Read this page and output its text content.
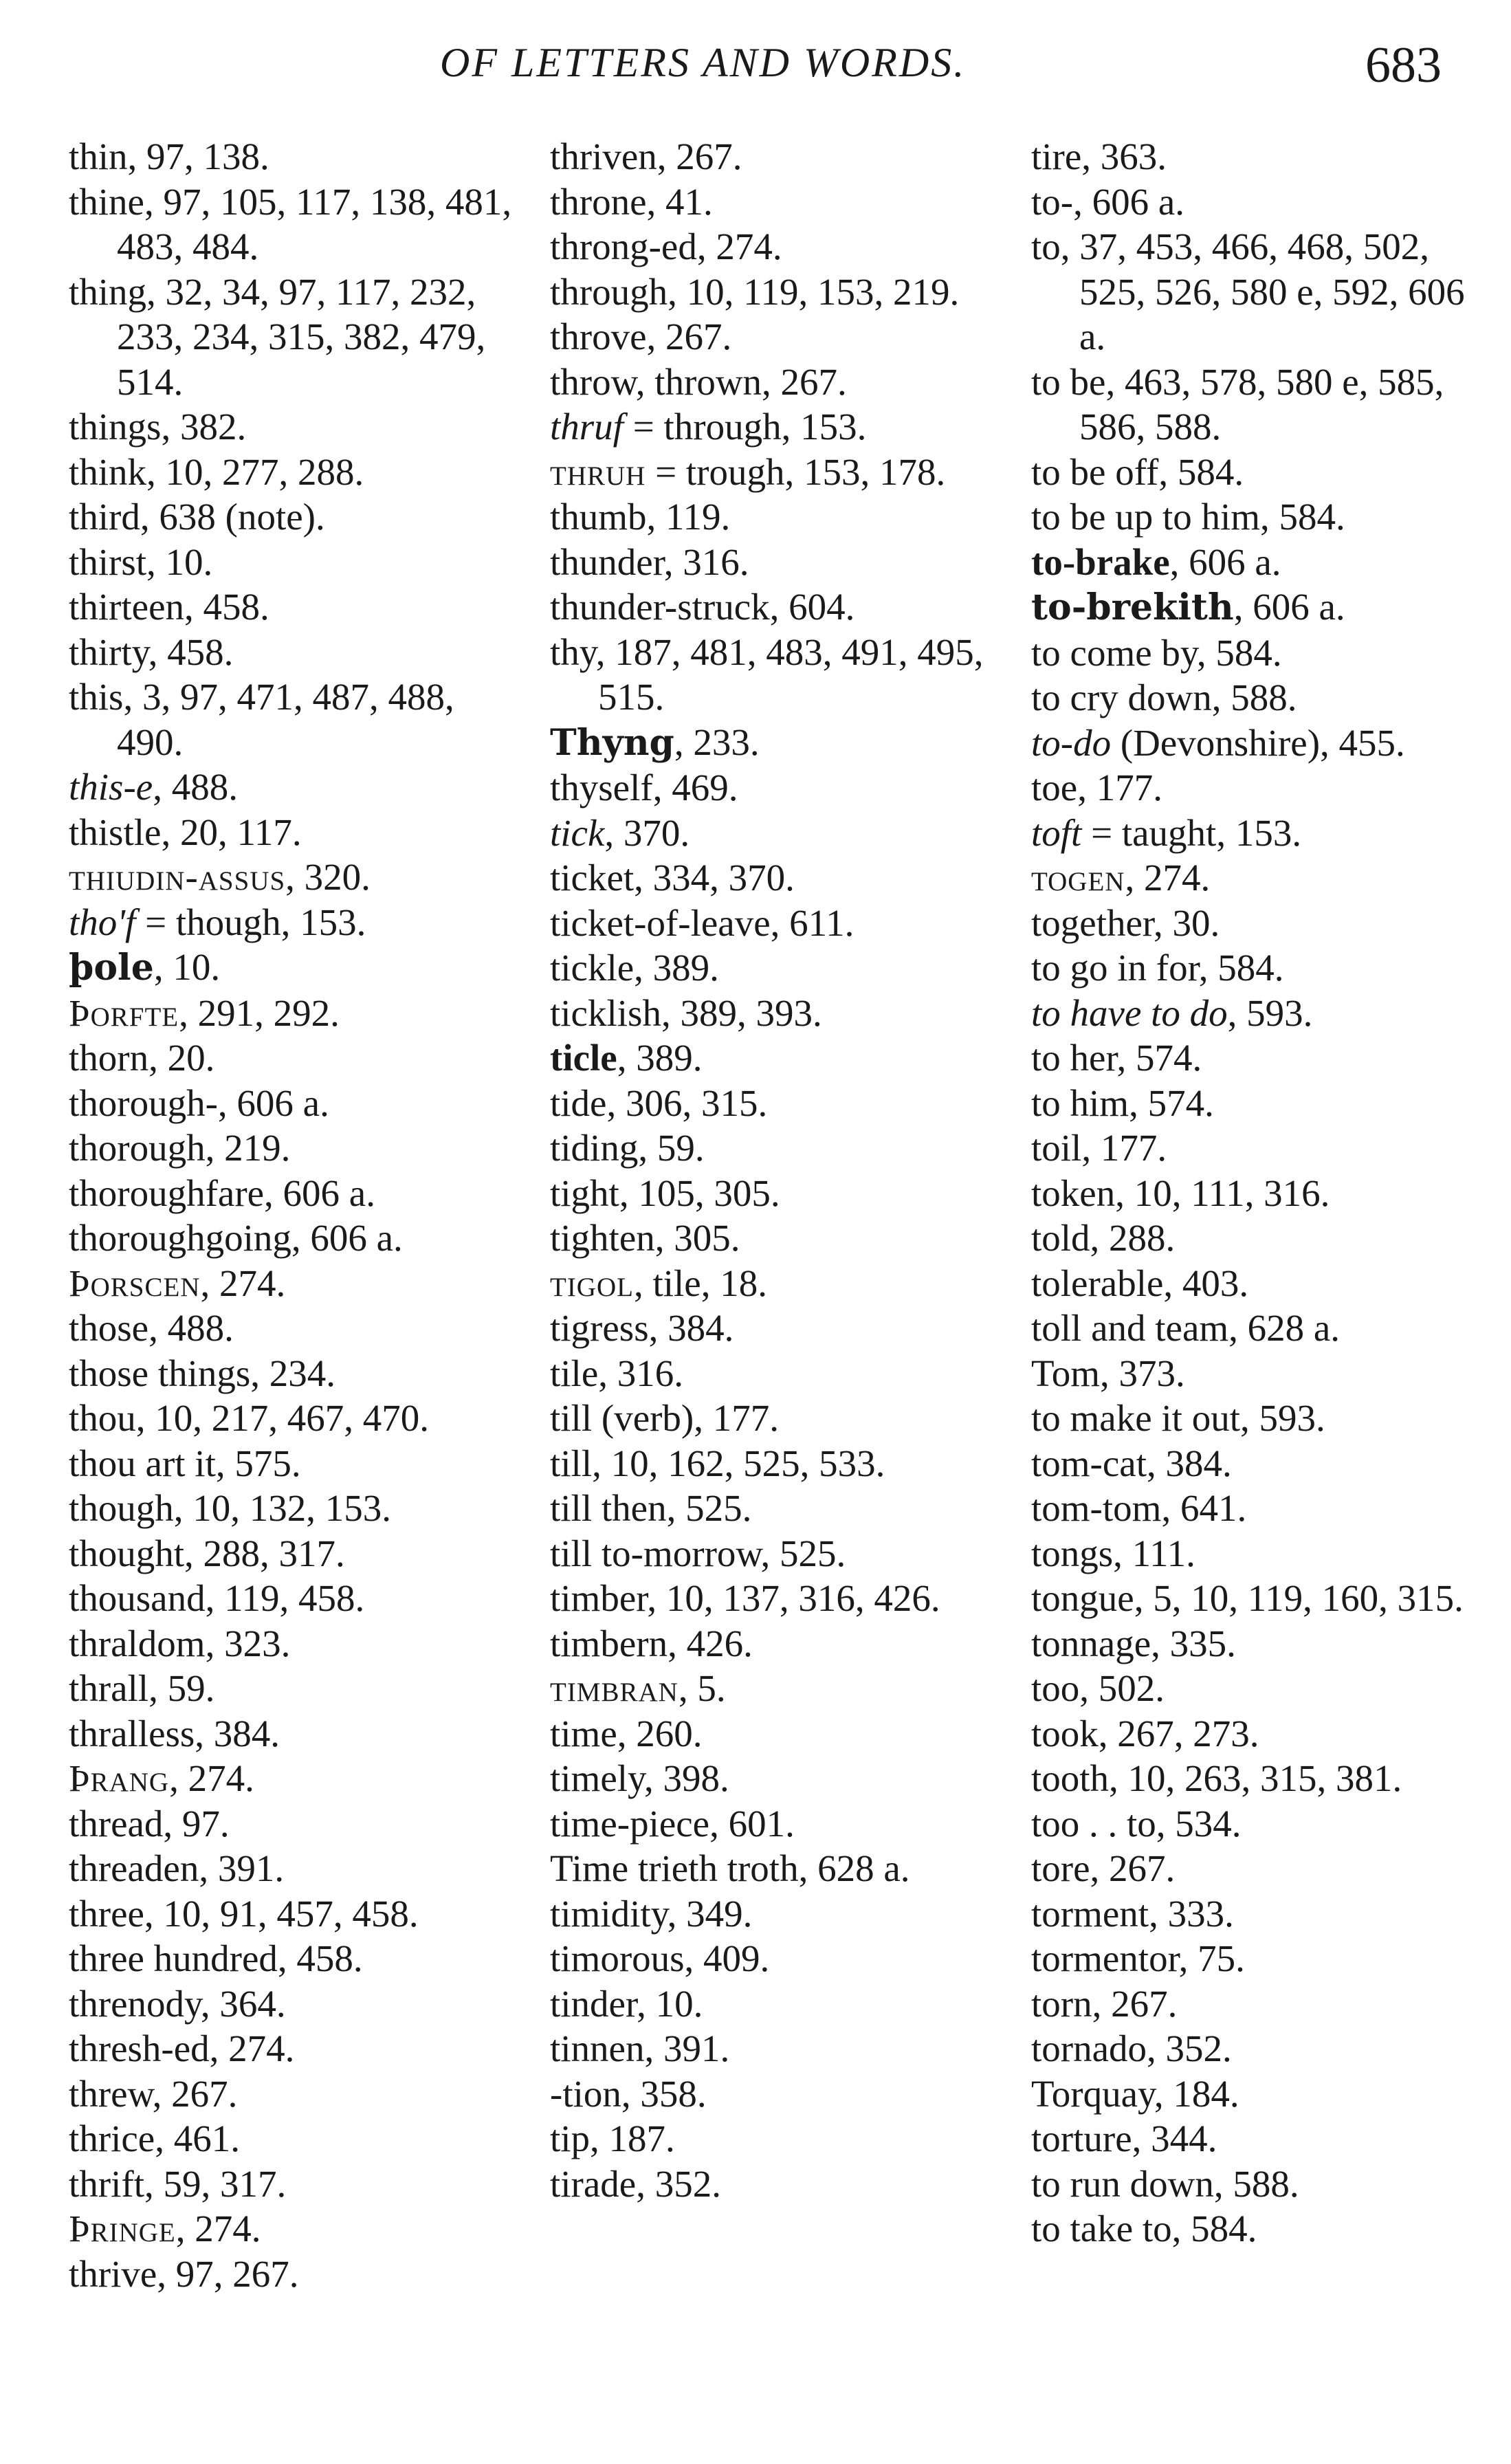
OF LETTERS AND WORDS.	683
thin, 97, 138.
thine, 97, 105, 117, 138, 481, 483, 484.
thing, 32, 34, 97, 117, 232, 233, 234, 315, 382, 479, 514.
things, 382.
think, 10, 277, 288.
third, 638 (note).
thirst, 10.
thirteen, 458.
thirty, 458.
this, 3, 97, 471, 487, 488, 490.
this-e, 488.
thistle, 20, 117.
thiudin-assus, 320.
tho'f = though, 153.
þole, 10.
Þorfte, 291, 292.
thorn, 20.
thorough-, 606 a.
thorough, 219.
thoroughfare, 606 a.
thoroughgoing, 606 a.
Þorscen, 274.
those, 488.
those things, 234.
thou, 10, 217, 467, 470.
thou art it, 575.
though, 10, 132, 153.
thought, 288, 317.
thousand, 119, 458.
thraldom, 323.
thrall, 59.
thralless, 384.
Þrang, 274.
thread, 97.
threaden, 391.
three, 10, 91, 457, 458.
three hundred, 458.
threnody, 364.
thresh-ed, 274.
threw, 267.
thrice, 461.
thrift, 59, 317.
Þringe, 274.
thrive, 97, 267.
thriven, 267.
throne, 41.
throng-ed, 274.
through, 10, 119, 153, 219.
throve, 267.
throw, thrown, 267.
thruf = through, 153.
thruh = trough, 153, 178.
thumb, 119.
thunder, 316.
thunder-struck, 604.
thy, 187, 481, 483, 491, 495, 515.
Thyng, 233.
thyself, 469.
tick, 370.
ticket, 334, 370.
ticket-of-leave, 611.
tickle, 389.
ticklish, 389, 393.
ticle, 389.
tide, 306, 315.
tiding, 59.
tight, 105, 305.
tighten, 305.
tigol, tile, 18.
tigress, 384.
tile, 316.
till (verb), 177.
till, 10, 162, 525, 533.
till then, 525.
till to-morrow, 525.
timber, 10, 137, 316, 426.
timbern, 426.
timbran, 5.
time, 260.
timely, 398.
time-piece, 601.
Time trieth troth, 628 a.
timidity, 349.
timorous, 409.
tinder, 10.
tinnen, 391.
-tion, 358.
tip, 187.
tirade, 352.
tire, 363.
to-, 606 a.
to, 37, 453, 466, 468, 502, 525, 526, 580 e, 592, 606 a.
to be, 463, 578, 580 e, 585, 586, 588.
to be off, 584.
to be up to him, 584.
to-brake, 606 a.
to-brekith, 606 a.
to come by, 584.
to cry down, 588.
to-do (Devonshire), 455.
toe, 177.
toft = taught, 153.
togen, 274.
together, 30.
to go in for, 584.
to have to do, 593.
to her, 574.
to him, 574.
toil, 177.
token, 10, 111, 316.
told, 288.
tolerable, 403.
toll and team, 628 a.
Tom, 373.
to make it out, 593.
tom-cat, 384.
tom-tom, 641.
tongs, 111.
tongue, 5, 10, 119, 160, 315.
tonnage, 335.
too, 502.
took, 267, 273.
tooth, 10, 263, 315, 381.
too . . to, 534.
tore, 267.
torment, 333.
tormentor, 75.
torn, 267.
tornado, 352.
Torquay, 184.
torture, 344.
to run down, 588.
to take to, 584.
